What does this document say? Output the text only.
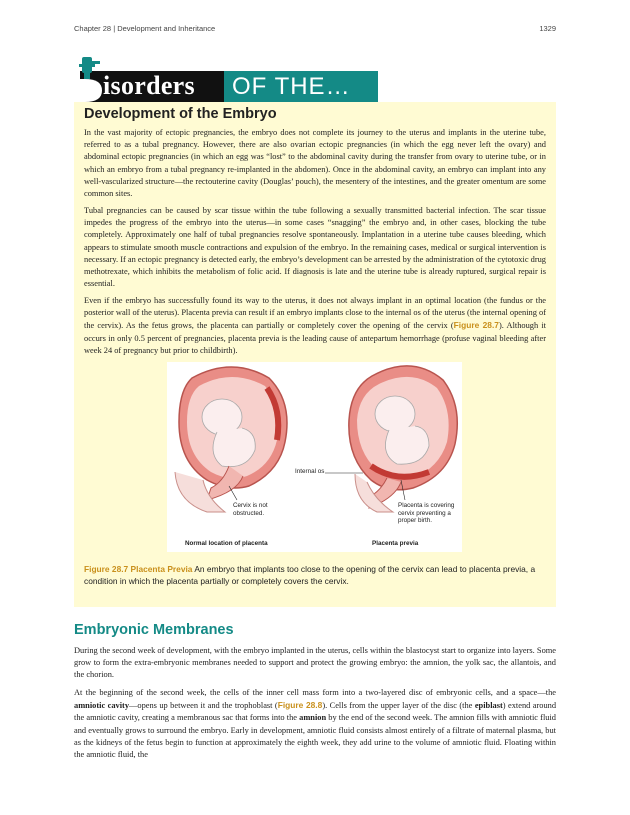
Chapter 28 | Development and Inheritance	1329
isorders OF THE…
Development of the Embryo

In the vast majority of ectopic pregnancies, the embryo does not complete its journey to the uterus and implants in the uterine tube, referred to as a tubal pregnancy. However, there are also ovarian ectopic pregnancies (in which the egg never left the ovary) and abdominal ectopic pregnancies (in which an egg was “lost” to the abdominal cavity during the transfer from ovary to uterine tube, or in which an embryo from a tubal pregnancy re-implanted in the abdomen). Once in the abdominal cavity, an embryo can implant into any well-vascularized structure—the rectouterine cavity (Douglas’ pouch), the mesentery of the intestines, and the greater omentum are some common sites.

Tubal pregnancies can be caused by scar tissue within the tube following a sexually transmitted bacterial infection. The scar tissue impedes the progress of the embryo into the uterus—in some cases “snagging” the embryo and, in other cases, blocking the tube completely. Approximately one half of tubal pregnancies resolve spontaneously. Implantation in a uterine tube causes bleeding, which appears to stimulate smooth muscle contractions and expulsion of the embryo. In the remaining cases, medical or surgical intervention is necessary. If an ectopic pregnancy is detected early, the embryo’s development can be arrested by the administration of the cytotoxic drug methotrexate, which inhibits the metabolism of folic acid. If diagnosis is late and the uterine tube is already ruptured, surgical repair is essential.

Even if the embryo has successfully found its way to the uterus, it does not always implant in an optimal location (the fundus or the posterior wall of the uterus). Placenta previa can result if an embryo implants close to the internal os of the uterus (the internal opening of the cervix). As the fetus grows, the placenta can partially or completely cover the opening of the cervix (Figure 28.7). Although it occurs in only 0.5 percent of pregnancies, placenta previa is the leading cause of antepartum hemorrhage (profuse vaginal bleeding after week 24 of pregnancy but prior to childbirth).

Internal os
Cervix is not
obstructed.
Placenta is covering
cervix preventing a
proper birth.
Normal location of placenta	Placenta previa

Figure 28.7 Placenta Previa An embryo that implants too close to the opening of the cervix can lead to placenta previa, a condition in which the placenta partially or completely covers the cervix.

Embryonic Membranes

During the second week of development, with the embryo implanted in the uterus, cells within the blastocyst start to organize into layers. Some grow to form the extra-embryonic membranes needed to support and protect the growing embryo: the amnion, the yolk sac, the allantois, and the chorion.

At the beginning of the second week, the cells of the inner cell mass form into a two-layered disc of embryonic cells, and a space—the amniotic cavity—opens up between it and the trophoblast (Figure 28.8). Cells from the upper layer of the disc (the epiblast) extend around the amniotic cavity, creating a membranous sac that forms into the amnion by the end of the second week. The amnion fills with amniotic fluid and eventually grows to surround the embryo. Early in development, amniotic fluid consists almost entirely of a filtrate of maternal plasma, but as the kidneys of the fetus begin to function at approximately the eighth week, they add urine to the volume of amniotic fluid. Floating within the amniotic fluid, the
